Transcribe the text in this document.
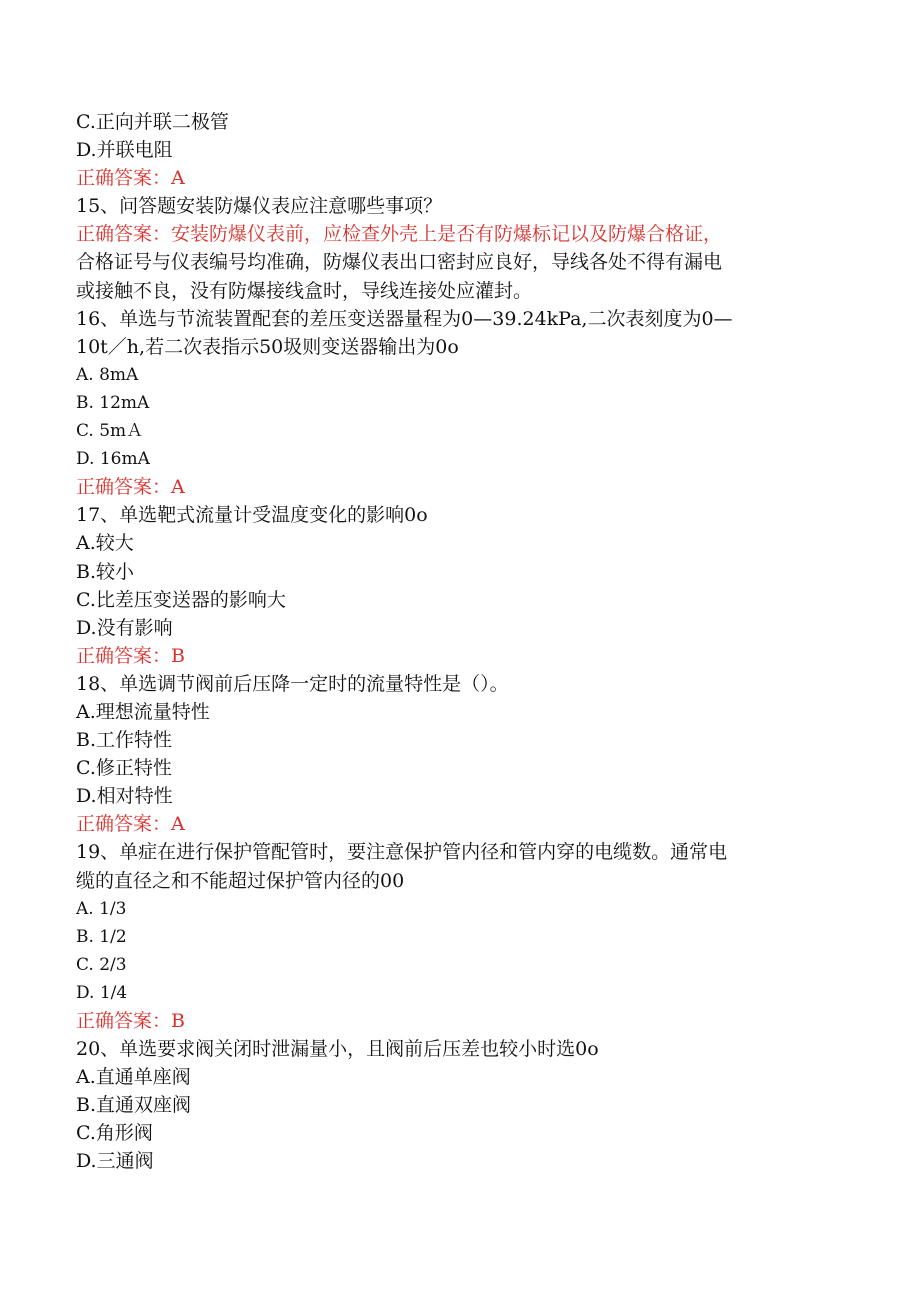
C.正向并联二极管
D.并联电阻
正确答案：A
15、问答题安装防爆仪表应注意哪些事项？
正确答案：安装防爆仪表前，应检查外壳上是否有防爆标记以及防爆合格证，
合格证号与仪表编号均准确，防爆仪表出口密封应良好，导线各处不得有漏电
或接触不良，没有防爆接线盒时，导线连接处应灌封。
16、单选与节流装置配套的差压变送器量程为0—39.24kPa,二次表刻度为0—
10t／h,若二次表指示50圾则变送器输出为0o
A. 8mA
B. 12mA
C. 5mＡ
D. 16mA
正确答案：A
17、单选靶式流量计受温度变化的影响0o
A.较大
B.较小
C.比差压变送器的影响大
D.没有影响
正确答案：B
18、单选调节阀前后压降一定时的流量特性是（）。
A.理想流量特性
B.工作特性
C.修正特性
D.相对特性
正确答案：A
19、单症在进行保护管配管时，要注意保护管内径和管内穿的电缆数。通常电
缆的直径之和不能超过保护管内径的00
A. 1/3
B. 1/2
C. 2/3
D. 1/4
正确答案：B
20、单选要求阀关闭时泄漏量小，且阀前后压差也较小时选0o
A.直通单座阀
B.直通双座阀
C.角形阀
D.三通阀
